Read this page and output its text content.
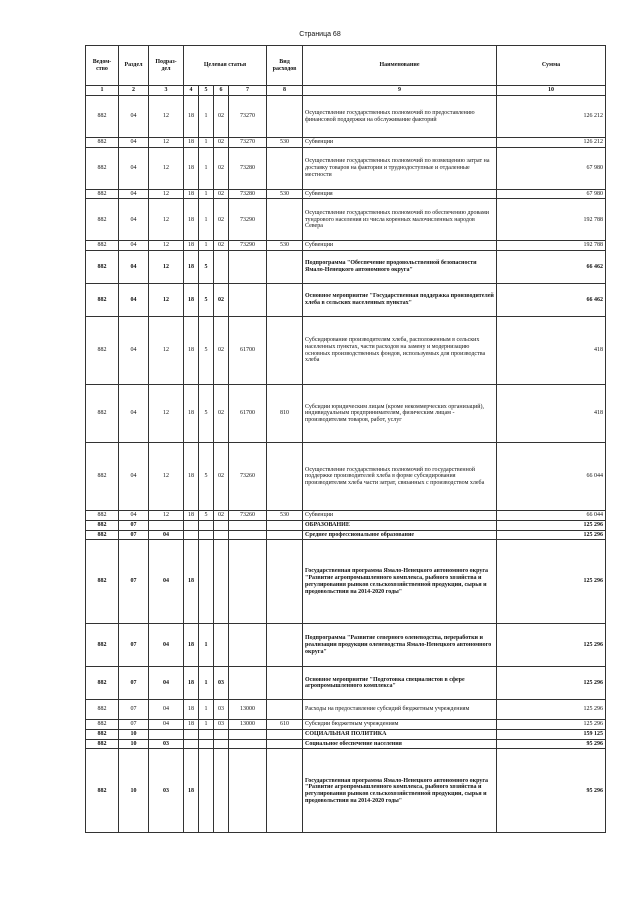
Страница 68
Ведом-ство	Раздел	Подраз-дел	Целевая статья				Вид расходов	Наименование	Сумма
1	2	3	4	5	6	7	8	9	10
882	04	12	18	1	02	73270		Осуществление государственных полномочий по предоставлению финансовой поддержки на обслуживание факторий	126 212
882	04	12	18	1	02	73270	530	Субвенции	126 212
882	04	12	18	1	02	73280		Осуществление государственных полномочий по возмещению затрат на доставку товаров на фактории и труднодоступные и отдаленные местности	67 980
882	04	12	18	1	02	73280	530	Субвенция	67 980
882	04	12	18	1	02	73290		Осуществление государственных полномочий по обеспечению дровами тундрового населения из числа коренных малочисленных народов Севера	192 788
882	04	12	18	1	02	73290	530	Субвенции	192 788
882	04	12	18	5				Подпрограмма "Обеспечение продовольственной безопасности Ямало-Ненецкого автономного округа"	66 462
882	04	12	18	5	02			Основное мероприятие "Государственная поддержка производителей хлеба в сельских населенных пунктах"	66 462
882	04	12	18	5	02	61700		Субсидирование производителям хлеба, расположенным в сельских населенных пунктах, части расходов на замену и модернизацию основных производственных фондов, используемых для производства хлеба	418
882	04	12	18	5	02	61700	810	Субсидии юридическим лицам (кроме некоммерческих организаций), индивидуальным предпринимателям, физическим лицам - производителям товаров, работ, услуг	418
882	04	12	18	5	02	73260		Осуществление государственных полномочий по государственной поддержке производителей хлеба в форме субсидирования производителям хлеба части затрат, связанных с производством хлеба	66 044
882	04	12	18	5	02	73260	530	Субвенции	66 044
882	07							ОБРАЗОВАНИЕ	125 296
882	07	04						Среднее профессиональное образование	125 296
882	07	04	18					Государственная программа Ямало-Ненецкого автономного округа "Развитие агропромышленного комплекса, рыбного хозяйства и регулирования рынков сельскохозяйственной продукции, сырья и продовольствия на 2014-2020 годы"	125 296
882	07	04	18	1				Подпрограмма "Развитие северного оленеводства, переработки и реализации продукции оленеводства Ямало-Ненецкого автономного округа"	125 296
882	07	04	18	1	03			Основное мероприятие "Подготовка специалистов в сфере агропромышленного комплекса"	125 296
882	07	04	18	1	03	13000		Расходы на предоставление субсидий бюджетным учреждениям	125 296
882	07	04	18	1	03	13000	610	Субсидии бюджетным учреждениям	125 296
882	10							СОЦИАЛЬНАЯ ПОЛИТИКА	159 125
882	10	03						Социальное обеспечение населения	95 296
882	10	03	18					Государственная программа Ямало-Ненецкого автономного округа "Развитие агропромышленного комплекса, рыбного хозяйства и регулирования рынков сельскохозяйственной продукции, сырья и продовольствия на 2014-2020 годы"	95 296
